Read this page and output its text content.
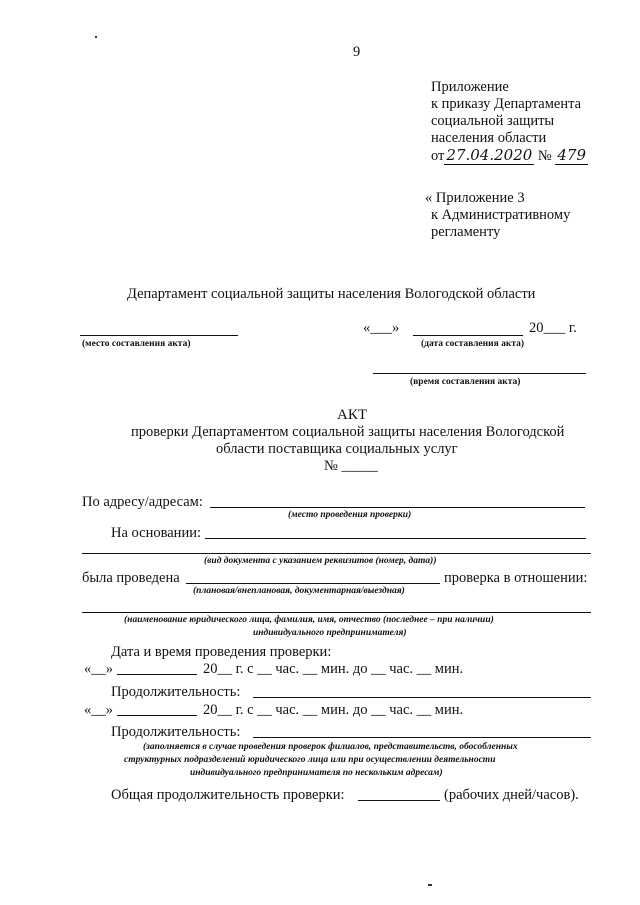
9
Приложение
к приказу Департамента
социальной защиты
населения области
от 27.04.2020 № 479
« Приложение 3
к Административному
регламенту
Департамент социальной защиты населения Вологодской области
«___»	20___ г.
(место составления акта)	(дата составления акта)
(время составления акта)
АКТ
проверки Департаментом социальной защиты населения Вологодской
области поставщика социальных услуг
№ _____
По адресу/адресам:
(место проведения проверки)
На основании:
(вид документа с указанием реквизитов (номер, дата))
была проведена	проверка в отношении:
(плановая/внеплановая, документарная/выездная)
(наименование юридического лица, фамилия, имя, отчество (последнее – при наличии)
индивидуального предпринимателя)
Дата и время проведения проверки:
«__»	20__ г. с __ час. __ мин. до __ час. __ мин.
Продолжительность:
«__»	20__ г. с __ час. __ мин. до __ час. __ мин.
Продолжительность:
(заполняется в случае проведения проверок филиалов, представительств, обособленных
структурных подразделений юридического лица или при осуществлении деятельности
индивидуального предпринимателя по нескольким адресам)
Общая продолжительность проверки:	(рабочих дней/часов).
